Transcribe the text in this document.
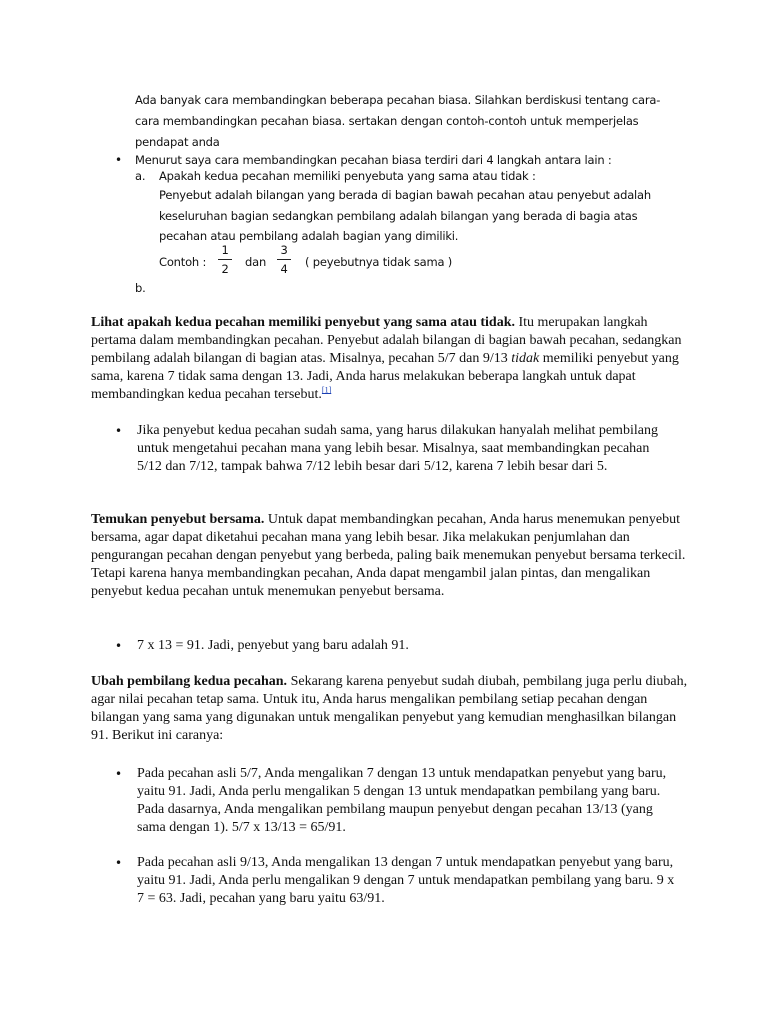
Ada banyak cara membandingkan beberapa pecahan biasa. Silahkan berdiskusi tentang cara-cara membandingkan pecahan biasa. sertakan dengan contoh-contoh untuk memperjelas pendapat anda
• Menurut saya cara membandingkan pecahan biasa terdiri dari 4 langkah antara lain :
a. Apakah kedua pecahan memiliki penyebuta yang sama atau tidak :
Penyebut adalah bilangan yang berada di bagian bawah pecahan atau penyebut adalah keseluruhan bagian sedangkan pembilang adalah bilangan yang berada di bagia atas pecahan atau pembilang adalah bagian yang dimiliki.
Contoh :
1
2 dan
3
4 ( peyebutnya tidak sama )
b.
Lihat apakah kedua pecahan memiliki penyebut yang sama atau tidak. Itu merupakan langkah pertama dalam membandingkan pecahan. Penyebut adalah bilangan di bagian bawah pecahan, sedangkan pembilang adalah bilangan di bagian atas. Misalnya, pecahan 5/7 dan 9/13 tidak memiliki penyebut yang sama, karena 7 tidak sama dengan 13. Jadi, Anda harus melakukan beberapa langkah untuk dapat membandingkan kedua pecahan tersebut.[1]
• Jika penyebut kedua pecahan sudah sama, yang harus dilakukan hanyalah melihat pembilang untuk mengetahui pecahan mana yang lebih besar. Misalnya, saat membandingkan pecahan 5/12 dan 7/12, tampak bahwa 7/12 lebih besar dari 5/12, karena 7 lebih besar dari 5.
Temukan penyebut bersama. Untuk dapat membandingkan pecahan, Anda harus menemukan penyebut bersama, agar dapat diketahui pecahan mana yang lebih besar. Jika melakukan penjumlahan dan pengurangan pecahan dengan penyebut yang berbeda, paling baik menemukan penyebut bersama terkecil. Tetapi karena hanya membandingkan pecahan, Anda dapat mengambil jalan pintas, dan mengalikan penyebut kedua pecahan untuk menemukan penyebut bersama.
• 7 x 13 = 91. Jadi, penyebut yang baru adalah 91.
Ubah pembilang kedua pecahan. Sekarang karena penyebut sudah diubah, pembilang juga perlu diubah, agar nilai pecahan tetap sama. Untuk itu, Anda harus mengalikan pembilang setiap pecahan dengan bilangan yang sama yang digunakan untuk mengalikan penyebut yang kemudian menghasilkan bilangan 91. Berikut ini caranya:
• Pada pecahan asli 5/7, Anda mengalikan 7 dengan 13 untuk mendapatkan penyebut yang baru, yaitu 91. Jadi, Anda perlu mengalikan 5 dengan 13 untuk mendapatkan pembilang yang baru. Pada dasarnya, Anda mengalikan pembilang maupun penyebut dengan pecahan 13/13 (yang sama dengan 1). 5/7 x 13/13 = 65/91.
• Pada pecahan asli 9/13, Anda mengalikan 13 dengan 7 untuk mendapatkan penyebut yang baru, yaitu 91. Jadi, Anda perlu mengalikan 9 dengan 7 untuk mendapatkan pembilang yang baru. 9 x 7 = 63. Jadi, pecahan yang baru yaitu 63/91.
